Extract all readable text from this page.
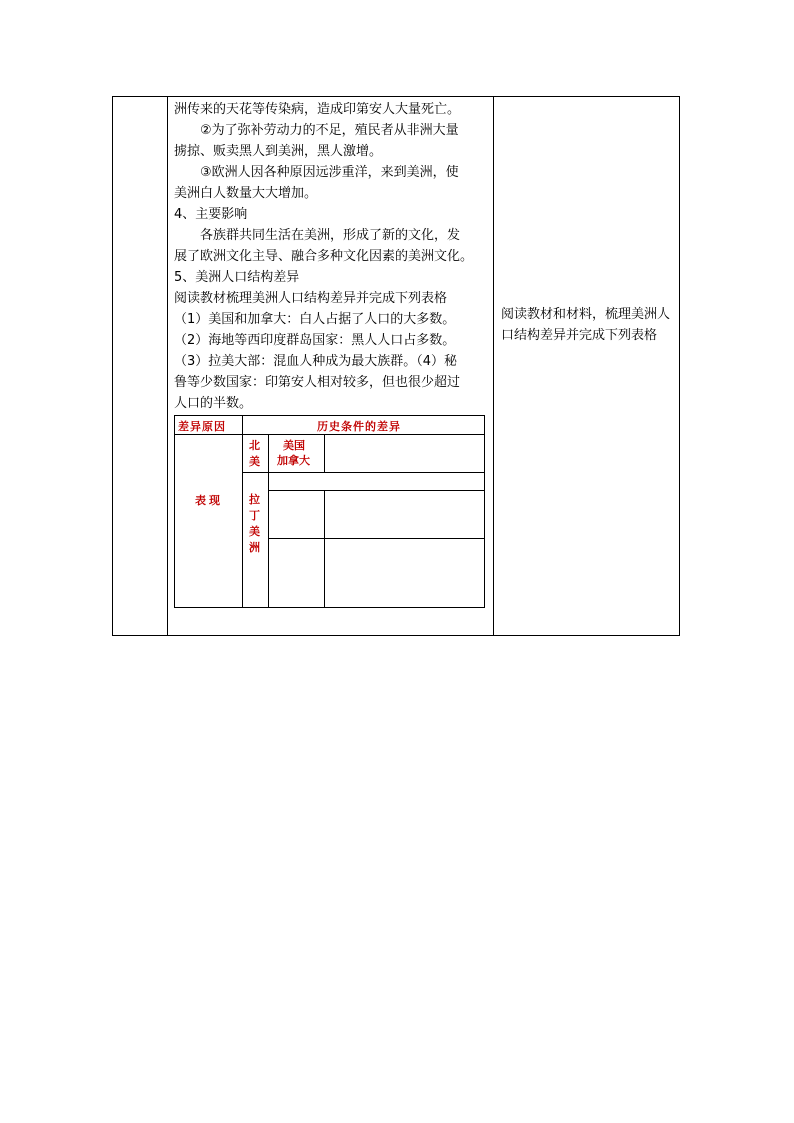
洲传来的天花等传染病，造成印第安人大量死亡。

②为了弥补劳动力的不足，殖民者从非洲大量

掳掠、贩卖黑人到美洲，黑人激增。

③欧洲人因各种原因远涉重洋，来到美洲，使

美洲白人数量大大增加。

4、主要影响

各族群共同生活在美洲，形成了新的文化，发

展了欧洲文化主导、融合多种文化因素的美洲文化。

5、美洲人口结构差异

阅读教材梳理美洲人口结构差异并完成下列表格

（1）美国和加拿大：白人占据了人口的大多数。

（2）海地等西印度群岛国家：黑人人口占多数。

（3）拉美大部：混血人种成为最大族群。（4）秘

鲁等少数国家：印第安人相对较多，但也很少超过

人口的半数。

阅读教材和材料，梳理美洲人口结构差异并完成下列表格

差异原因	历史条件的差异
表现
北美
美国
加拿大
拉丁美洲
